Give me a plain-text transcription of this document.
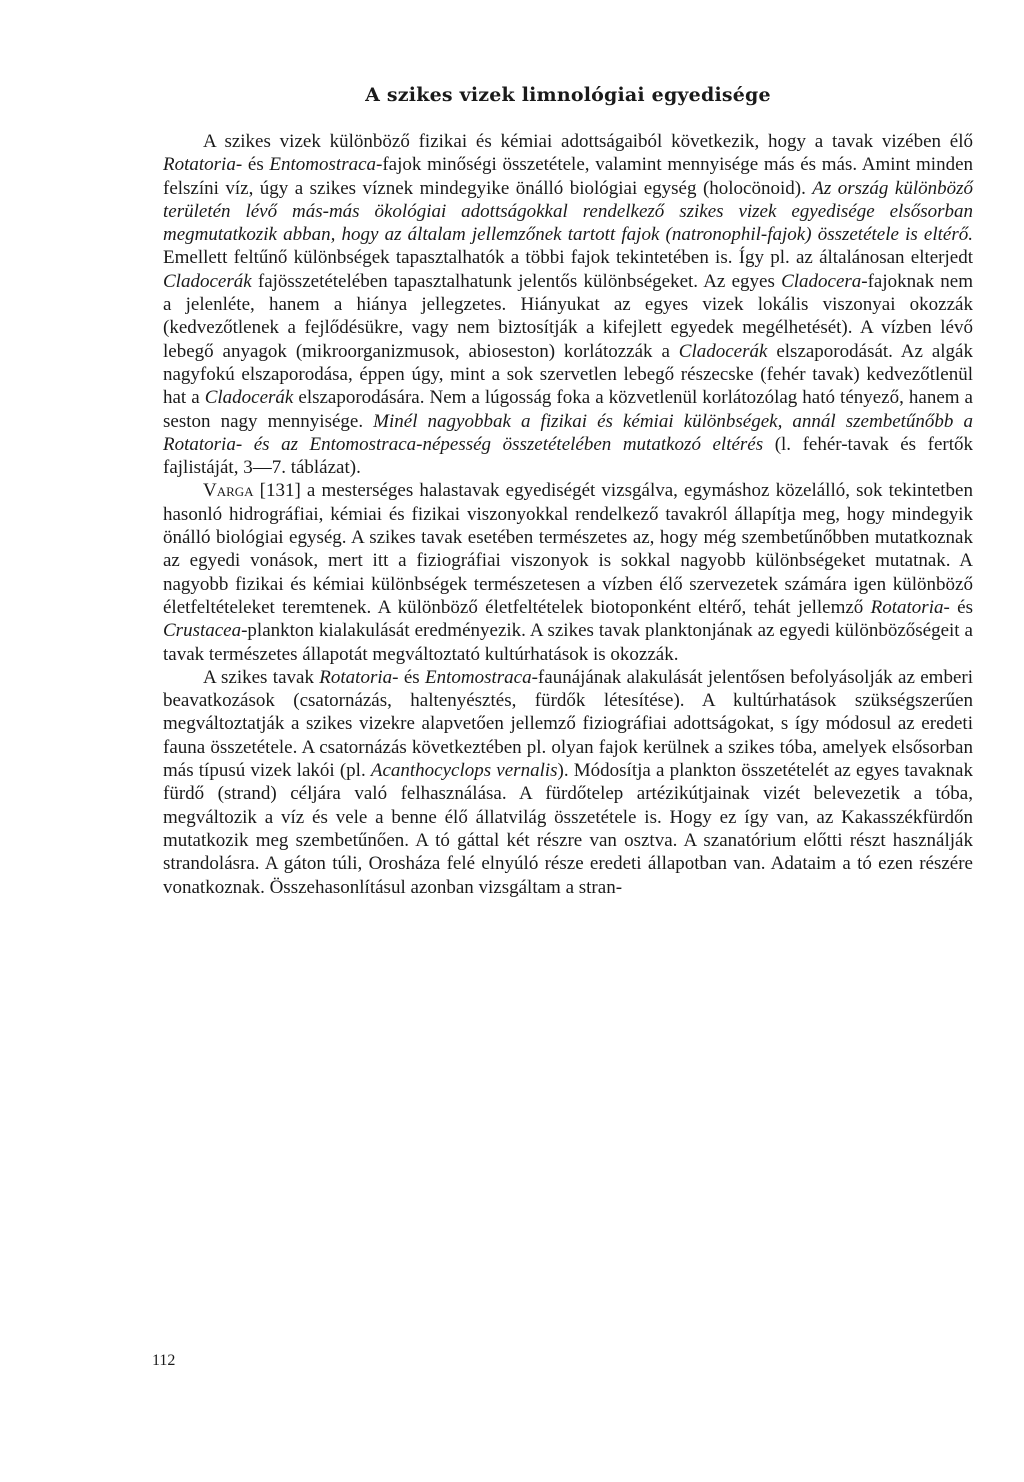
A szikes vizek limnológiai egyedisége

A szikes vizek különböző fizikai és kémiai adottságaiból következik, hogy a tavak vizében élő Rotatoria- és Entomostraca-fajok minőségi összetétele, valamint mennyisége más és más. Amint minden felszíni víz, úgy a szikes víznek mindegyike önálló biológiai egység (holocönoid). Az ország különböző területén lévő más-más ökológiai adottságokkal rendelkező szikes vizek egyedisége elsősorban megmutatkozik abban, hogy az általam jellemzőnek tartott fajok (natronophil-fajok) összetétele is eltérő. Emellett feltűnő különbségek tapasztalhatók a többi fajok tekintetében is. Így pl. az általánosan elterjedt Cladocerák fajösszetételében tapasztalhatunk jelentős különbségeket. Az egyes Cladocera-fajoknak nem a jelenléte, hanem a hiánya jellegzetes. Hiányukat az egyes vizek lokális viszonyai okozzák (kedvezőtlenek a fejlődésükre, vagy nem biztosítják a kifejlett egyedek megélhetését). A vízben lévő lebegő anyagok (mikroorganizmusok, abioseston) korlátozzák a Cladocerák elszaporodását. Az algák nagyfokú elszaporodása, éppen úgy, mint a sok szervetlen lebegő részecske (fehér tavak) kedvezőtlenül hat a Cladocerák elszaporodására. Nem a lúgosság foka a közvetlenül korlátozólag ható tényező, hanem a seston nagy mennyisége. Minél nagyobbak a fizikai és kémiai különbségek, annál szembetűnőbb a Rotatoria- és az Entomostraca-népesség összetételében mutatkozó eltérés (l. fehér-tavak és fertők fajlistáját, 3—7. táblázat).

Varga [131] a mesterséges halastavak egyediségét vizsgálva, egymáshoz közelálló, sok tekintetben hasonló hidrográfiai, kémiai és fizikai viszonyokkal rendelkező tavakról állapítja meg, hogy mindegyik önálló biológiai egység. A szikes tavak esetében természetes az, hogy még szembetűnőbben mutatkoznak az egyedi vonások, mert itt a fiziográfiai viszonyok is sokkal nagyobb különbségeket mutatnak. A nagyobb fizikai és kémiai különbségek természetesen a vízben élő szervezetek számára igen különböző életfeltételeket teremtenek. A különböző életfeltételek biotoponként eltérő, tehát jellemző Rotatoria- és Crustacea-plankton kialakulását eredményezik. A szikes tavak planktonjának az egyedi különbözőségeit a tavak természetes állapotát megváltoztató kultúrhatások is okozzák.

A szikes tavak Rotatoria- és Entomostraca-faunájának alakulását jelentősen befolyásolják az emberi beavatkozások (csatornázás, haltenyésztés, fürdők létesítése). A kultúrhatások szükségszerűen megváltoztatják a szikes vizekre alapvetően jellemző fiziográfiai adottságokat, s így módosul az eredeti fauna összetétele. A csatornázás következtében pl. olyan fajok kerülnek a szikes tóba, amelyek elsősorban más típusú vizek lakói (pl. Acanthocyclops vernalis). Módosítja a plankton összetételét az egyes tavaknak fürdő (strand) céljára való felhasználása. A fürdőtelep artézikútjainak vizét belevezetik a tóba, megváltozik a víz és vele a benne élő állatvilág összetétele is. Hogy ez így van, az Kakasszékfürdőn mutatkozik meg szembetűnően. A tó gáttal két részre van osztva. A szanatórium előtti részt használják strandolásra. A gáton túli, Orosháza felé elnyúló része eredeti állapotban van. Adataim a tó ezen részére vonatkoznak. Összehasonlításul azonban vizsgáltam a stran-

112
